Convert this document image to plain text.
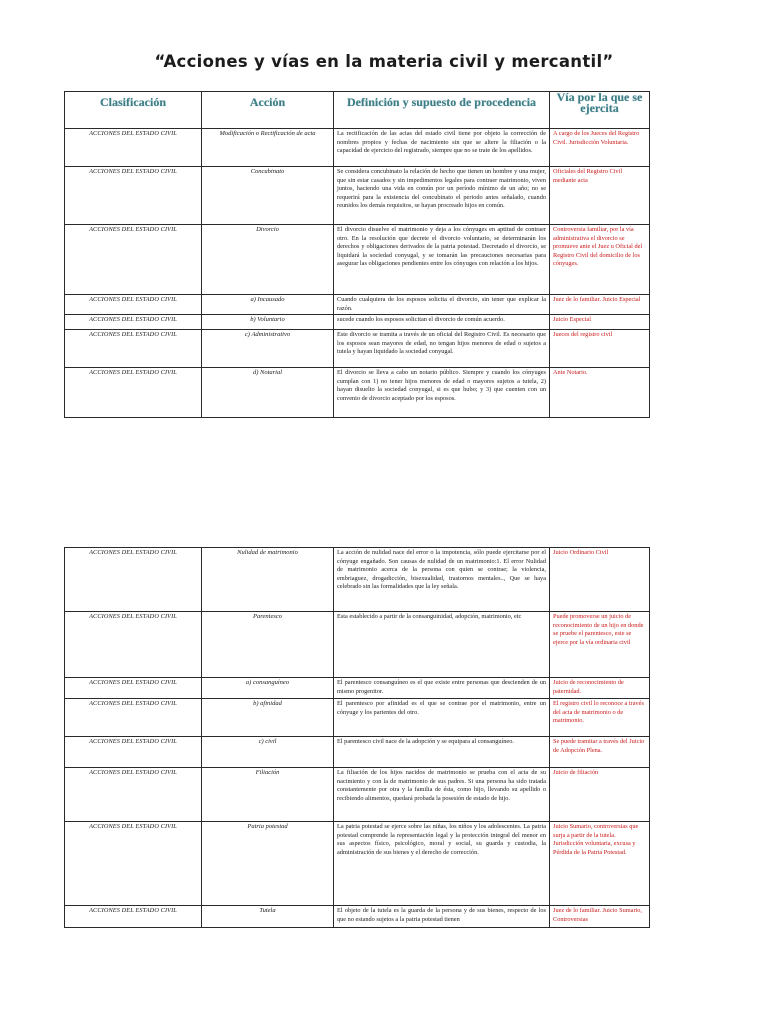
“Acciones y vías en la materia civil y mercantil”
Clasificación	Acción	Definición y supuesto de procedencia	Vía por la que se ejercita
ACCIONES DEL ESTADO CIVIL	Modificación o Rectificación de acta	La rectificación de las actas del estado civil tiene por objeto la corrección de nombres propios y fechas de nacimiento sin que se altere la filiación o la capacidad de ejercicio del registrado, siempre que no se trate de los apellidos.	A cargo de los Jueces del Registro Civil. Jurisdicción Voluntaria.
ACCIONES DEL ESTADO CIVIL	Concubinato	Se considera concubinato la relación de hecho que tienen un hombre y una mujer, que sin estar casados y sin impedimentos legales para contraer matrimonio, viven juntos, haciendo una vida en común por un período mínimo de un año; no se requerirá para la existencia del concubinato el periodo antes señalado, cuando reunidos los demás requisitos, se hayan procreado hijos en común.	Oficiales del Registro Civil mediante acta
ACCIONES DEL ESTADO CIVIL	Divorcio	El divorcio disuelve el matrimonio y deja a los cónyuges en aptitud de contraer otro. En la resolución que decrete el divorcio voluntario, se determinarán los derechos y obligaciones derivados de la patria potestad. Decretado el divorcio, se liquidará la sociedad conyugal, y se tomarán las precauciones necesarias para asegurar las obligaciones pendientes entre los cónyuges con relación a los hijos.	Controversia familiar, por la vía administrativa el divorcio se promueve ante el Juez u Oficial del Registro Civil del domicilio de los cónyuges.
ACCIONES DEL ESTADO CIVIL	a) Incausado	Cuando cualquiera de los esposos solicita el divorcio, sin tener que explicar la razón.	Juez de lo familiar. Juicio Especial
ACCIONES DEL ESTADO CIVIL	b) Voluntario	sucede cuando los esposos solicitan el divorcio de común acuerdo.	Juicio Especial
ACCIONES DEL ESTADO CIVIL	c) Administrativo	Este divorcio se tramita a través de un oficial del Registro Civil. Es necesario que los esposos sean mayores de edad, no tengan hijos menores de edad o sujetos a tutela y hayan liquidado la sociedad conyugal.	Jueces del registro civil
ACCIONES DEL ESTADO CIVIL	d) Notarial	El divorcio se lleva a cabo un notario público. Siempre y cuando los cónyuges cumplan con 1) no tener hijos menores de edad o mayores sujetos a tutela, 2) hayan disuelto la sociedad conyugal, si es que hubo; y 3) que cuenten con un convenio de divorcio aceptado por los esposos.	Ante Notario.
ACCIONES DEL ESTADO CIVIL	Nulidad de matrimonio	La acción de nulidad nace del error o la impotencia, sólo puede ejercitarse por el cónyuge engañado. Son causas de nulidad de un matrimonio:1. El error Nulidad de matrimonio acerca de la persona con quien se contrae; la violencia, embriaguez, drogadicción, bisexualidad, trastornos mentales.., Que se haya celebrado sin las formalidades que la ley señala.	Juicio Ordinario Civil
ACCIONES DEL ESTADO CIVIL	Parentesco	Esta establecido a partir de la consanguinidad, adopción, matrimonio, etc	Puede promoverse un juicio de reconocimiento de un hijo en donde se pruebe el parentesco, este se ejerce por la vía ordinaria civil
ACCIONES DEL ESTADO CIVIL	a) consanguíneo	El parentesco consanguíneo es el que existe entre personas que descienden de un mismo progenitor.	Juicio de reconocimiento de paternidad.
ACCIONES DEL ESTADO CIVIL	b) afinidad	El parentesco por afinidad es el que se contrae por el matrimonio, entre un cónyuge y los parientes del otro.	El registro civil lo reconoce a través del acta de matrimonio o de matrimonio.
ACCIONES DEL ESTADO CIVIL	c) civil	El parentesco civil nace de la adopción y se equipara al consanguíneo.	Se puede tramitar a través del Juicio de Adopción Plena.
ACCIONES DEL ESTADO CIVIL	Filiación	La filiación de los hijos nacidos de matrimonio se prueba con el acta de su nacimiento y con la de matrimonio de sus padres. Si una persona ha sido tratada constantemente por otra y la familia de ésta, como hijo, llevando su apellido o recibiendo alimentos, quedará probada la posesión de estado de hijo.	Juicio de filiación
ACCIONES DEL ESTADO CIVIL	Patria potestad	La patria potestad se ejerce sobre las niñas, los niños y los adolescentes. La patria potestad comprende la representación legal y la protección integral del menor en sus aspectos físico, psicológico, moral y social, su guarda y custodia, la administración de sus bienes y el derecho de corrección.	Juicio Sumario, controversias que surja a partir de la tutela. Jurisdicción voluntaria, excusa y Pérdida de la Patria Potestad.
ACCIONES DEL ESTADO CIVIL	Tutela	El objeto de la tutela es la guarda de la persona y de sus bienes, respecto de los que no estando sujetos a la patria potestad tienen	Juez de lo familiar. Juicio Sumario, Controversias
